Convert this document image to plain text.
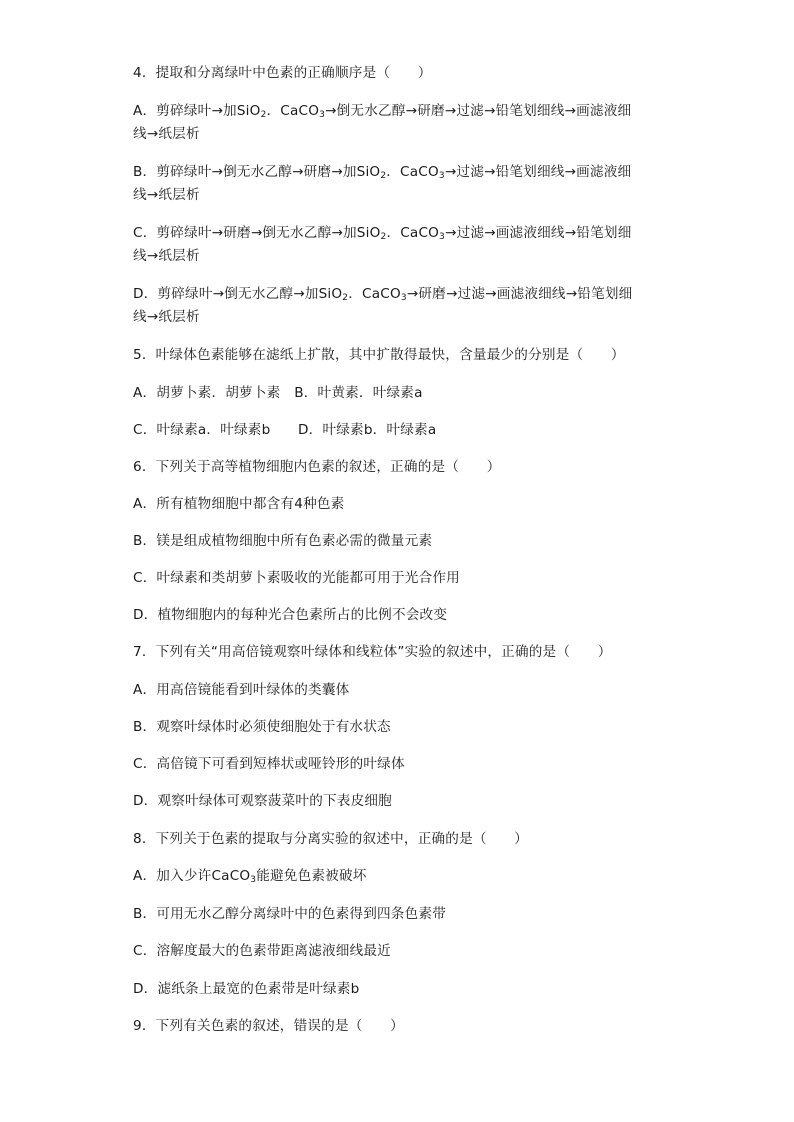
4．提取和分离绿叶中色素的正确顺序是（　　）
A．剪碎绿叶→加SiO$_2$．CaCO$_3$→倒无水乙醇→研磨→过滤→铅笔划细线→画滤液细
线→纸层析
B．剪碎绿叶→倒无水乙醇→研磨→加SiO$_2$．CaCO$_3$→过滤→铅笔划细线→画滤液细
线→纸层析
C．剪碎绿叶→研磨→倒无水乙醇→加SiO$_2$．CaCO$_3$→过滤→画滤液细线→铅笔划细
线→纸层析
D．剪碎绿叶→倒无水乙醇→加SiO$_2$．CaCO$_3$→研磨→过滤→画滤液细线→铅笔划细
线→纸层析
5．叶绿体色素能够在滤纸上扩散，其中扩散得最快，含量最少的分别是（　　）
A．胡萝卜素．胡萝卜素　B．叶黄素．叶绿素a
C．叶绿素a．叶绿素b　　D．叶绿素b．叶绿素a
6．下列关于高等植物细胞内色素的叙述，正确的是（　　）
A．所有植物细胞中都含有4种色素
B．镁是组成植物细胞中所有色素必需的微量元素
C．叶绿素和类胡萝卜素吸收的光能都可用于光合作用
D．植物细胞内的每种光合色素所占的比例不会改变
7．下列有关“用高倍镜观察叶绿体和线粒体”实验的叙述中，正确的是（　　）
A．用高倍镜能看到叶绿体的类囊体
B．观察叶绿体时必须使细胞处于有水状态
C．高倍镜下可看到短棒状或哑铃形的叶绿体
D．观察叶绿体可观察菠菜叶的下表皮细胞
8．下列关于色素的提取与分离实验的叙述中，正确的是（　　）
A．加入少许CaCO$_3$能避免色素被破坏
B．可用无水乙醇分离绿叶中的色素得到四条色素带
C．溶解度最大的色素带距离滤液细线最近
D．滤纸条上最宽的色素带是叶绿素b
9．下列有关色素的叙述，错误的是（　　）
